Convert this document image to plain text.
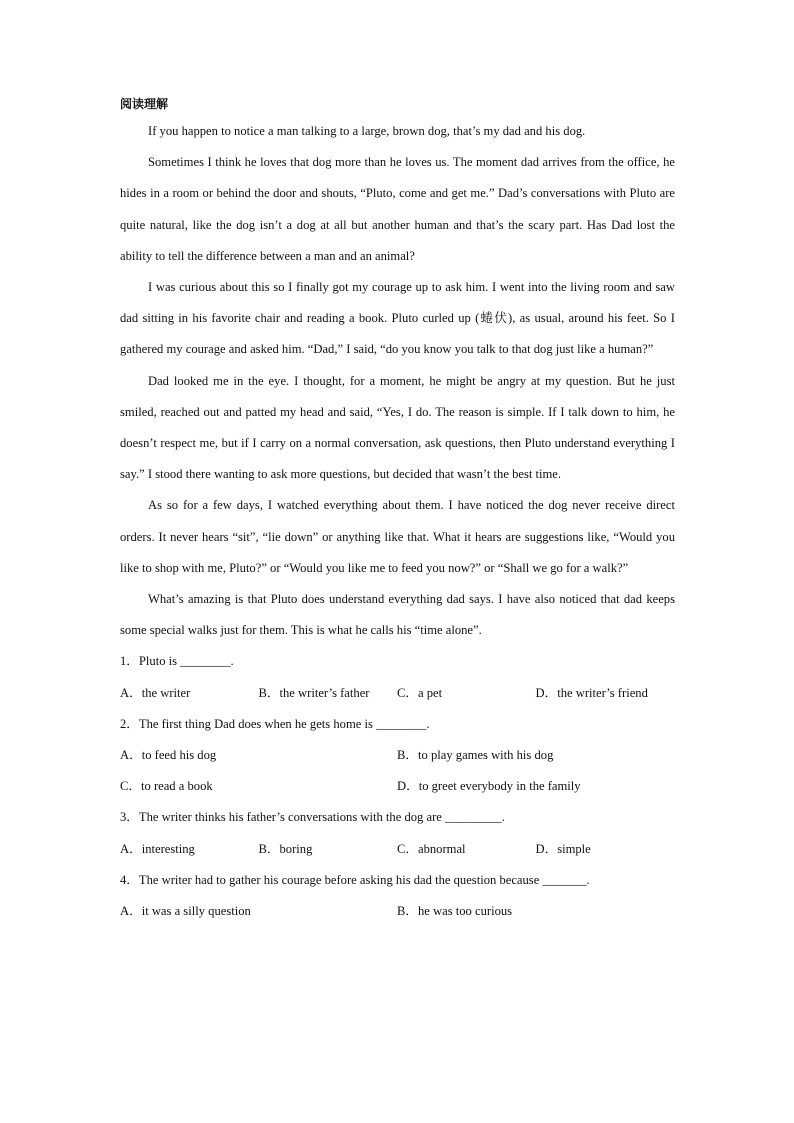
阅读理解

If you happen to notice a man talking to a large, brown dog, that’s my dad and his dog.

Sometimes I think he loves that dog more than he loves us. The moment dad arrives from the office, he hides in a room or behind the door and shouts, “Pluto, come and get me.” Dad’s conversations with Pluto are quite natural, like the dog isn’t a dog at all but another human and that’s the scary part. Has Dad lost the ability to tell the difference between a man and an animal?

I was curious about this so I finally got my courage up to ask him. I went into the living room and saw dad sitting in his favorite chair and reading a book. Pluto curled up (蜷伏), as usual, around his feet. So I gathered my courage and asked him. “Dad,” I said, “do you know you talk to that dog just like a human?”

Dad looked me in the eye. I thought, for a moment, he might be angry at my question. But he just smiled, reached out and patted my head and said, “Yes, I do. The reason is simple. If I talk down to him, he doesn’t respect me, but if I carry on a normal conversation, ask questions, then Pluto understand everything I say.” I stood there wanting to ask more questions, but decided that wasn’t the best time.

As so for a few days, I watched everything about them. I have noticed the dog never receive direct orders. It never hears “sit”, “lie down” or anything like that. What it hears are suggestions like, “Would you like to shop with me, Pluto?” or “Would you like me to feed you now?” or “Shall we go for a walk?”

What’s amazing is that Pluto does understand everything dad says. I have also noticed that dad keeps some special walks just for them. This is what he calls his “time alone”.

1．Pluto is ________.

A．the writer	B．the writer’s father	C．a pet	D．the writer’s friend

2．The first thing Dad does when he gets home is ________.

A．to feed his dog	B．to play games with his dog
C．to read a book	D．to greet everybody in the family

3．The writer thinks his father’s conversations with the dog are _________.

A．interesting	B．boring	C．abnormal	D．simple

4．The writer had to gather his courage before asking his dad the question because _______.

A．it was a silly question	B．he was too curious
